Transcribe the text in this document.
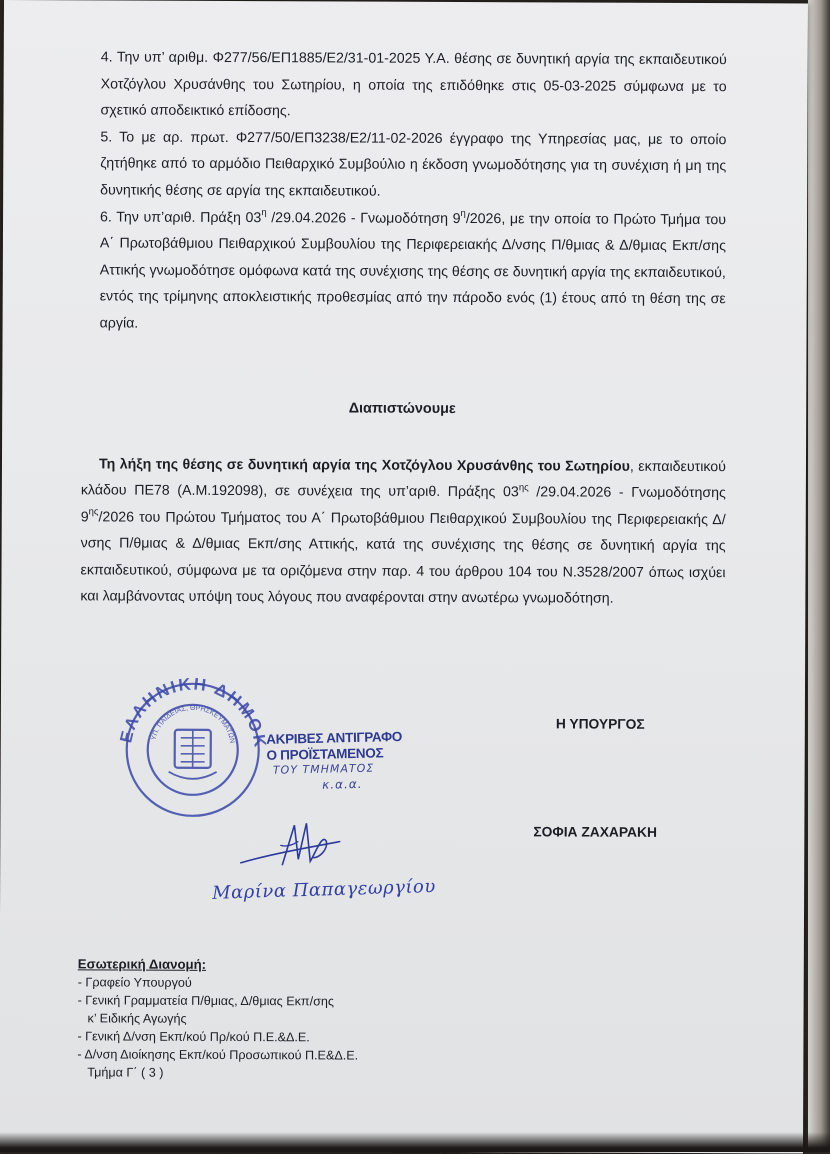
4. Την υπ’ αριθμ. Φ277/56/ΕΠ1885/Ε2/31-01-2025 Υ.Α. θέσης σε δυνητική αργία της εκπαιδευτικού Χοτζόγλου Χρυσάνθης του Σωτηρίου, η οποία της επιδόθηκε στις 05-03-2025 σύμφωνα με το σχετικό αποδεικτικό επίδοσης.

5. Το με αρ. πρωτ. Φ277/50/ΕΠ3238/Ε2/11-02-2026 έγγραφο της Υπηρεσίας μας, με το οποίο ζητήθηκε από το αρμόδιο Πειθαρχικό Συμβούλιο η έκδοση γνωμοδότησης για τη συνέχιση ή μη της δυνητικής θέσης σε αργία της εκπαιδευτικού.

6. Την υπ’αριθ. Πράξη $03^\eta$ /29.04.2026 - Γνωμοδότηση $9^\eta/2026$, με την οποία το Πρώτο Τμήμα του Α΄ Πρωτοβάθμιου Πειθαρχικού Συμβουλίου της Περιφερειακής Δ/νσης Π/θμιας & Δ/θμιας Εκπ/σης Αττικής γνωμοδότησε ομόφωνα κατά της συνέχισης της θέσης σε δυνητική αργία της εκπαιδευτικού, εντός της τρίμηνης αποκλειστικής προθεσμίας από την πάροδο ενός (1) έτους από τη θέση της σε αργία.

Διαπιστώνουμε

Τη λήξη της θέσης σε δυνητική αργία της Χοτζόγλου Χρυσάνθης του Σωτηρίου, εκπαιδευτικού κλάδου ΠΕ78 (Α.Μ.192098), σε συνέχεια της υπ’αριθ. Πράξης $03^{\eta\varsigma}$ /29.04.2026 - Γνωμοδότησης $9^{\eta\varsigma}/2026$ του Πρώτου Τμήματος του Α΄ Πρωτοβάθμιου Πειθαρχικού Συμβουλίου της Περιφερειακής Δ/νσης Π/θμιας & Δ/θμιας Εκπ/σης Αττικής, κατά της συνέχισης της θέσης σε δυνητική αργία της εκπαιδευτικού, σύμφωνα με τα οριζόμενα στην παρ. 4 του άρθρου 104 του Ν.3528/2007 όπως ισχύει και λαμβάνοντας υπόψη τους λόγους που αναφέρονται στην ανωτέρω γνωμοδότηση.

ΕΛΛΗΝΙΚΗ ΔΗΜΟΚΡΑΤΙΑ
ΥΠ. ΠΑΙΔΕΙΑΣ, ΘΡΗΣΚΕΥΜΑΤΩΝ ΑΚΡΙΒΕΣ ΑΝΤΙΓΡΑΦΟ
Ο ΠΡΟΪΣΤΑΜΕΝΟΣ
ΤΟΥ ΤΜΗΜΑΤΟΣ
κ.α.α.
Μαρίνα Παπαγεωργίου
Η ΥΠΟΥΡΓΟΣ
ΣΟΦΙΑ ΖΑΧΑΡΑΚΗ
Εσωτερική Διανομή:
- Γραφείο Υπουργού
- Γενική Γραμματεία Π/θμιας, Δ/θμιας Εκπ/σης
κ’ Ειδικής Αγωγής
- Γενική Δ/νση Εκπ/κού Πρ/κού Π.Ε.&Δ.Ε.
- Δ/νση Διοίκησης Εκπ/κού Προσωπικού Π.Ε&Δ.Ε.
Τμήμα Γ΄ ( 3 )
